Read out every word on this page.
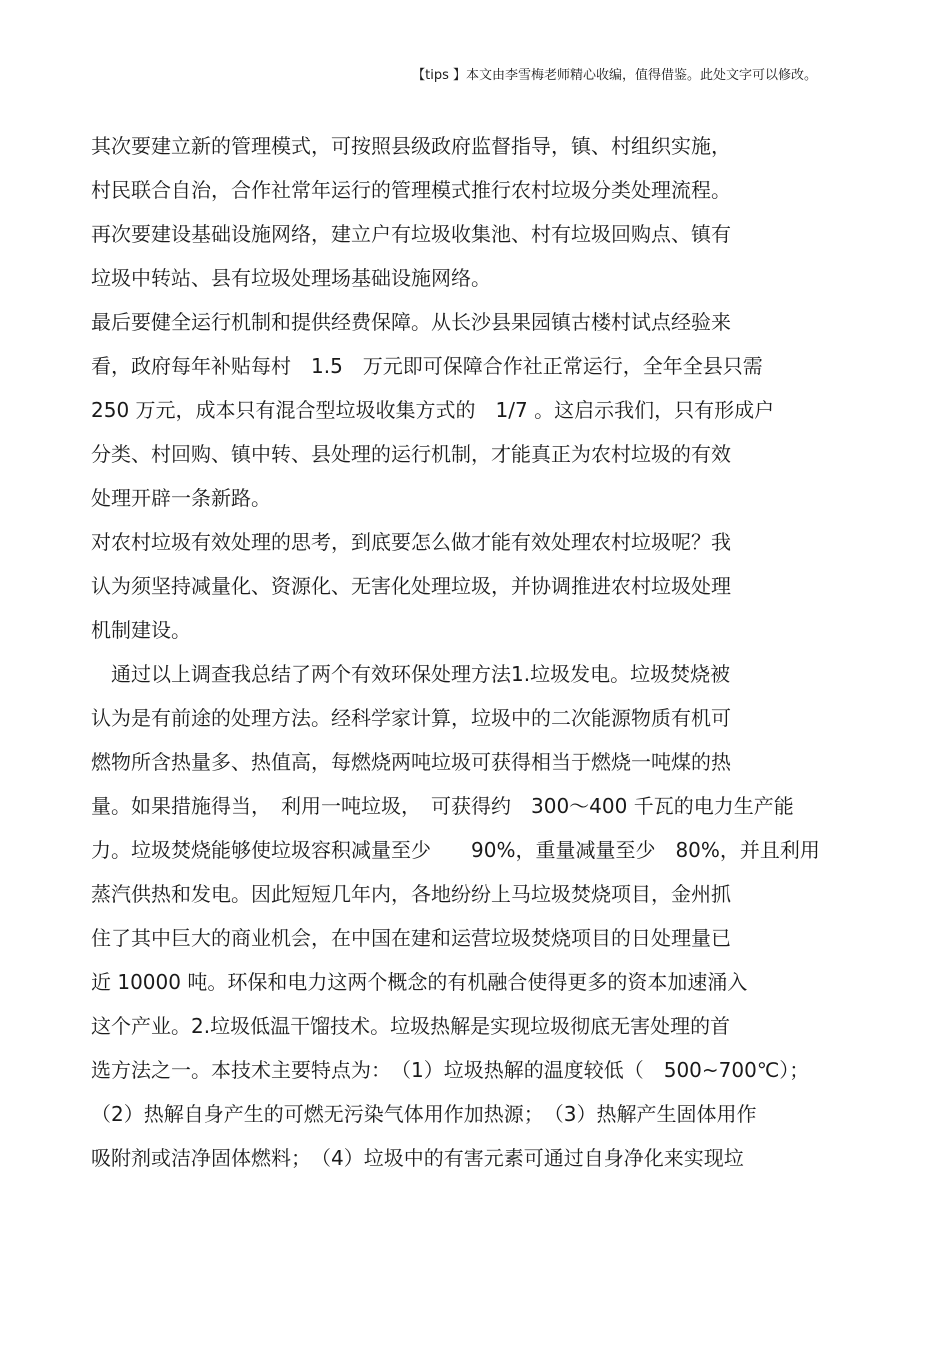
【tips 】本文由李雪梅老师精心收编，值得借鉴。此处文字可以修改。
其次要建立新的管理模式，可按照县级政府监督指导，镇、村组织实施，
村民联合自治，合作社常年运行的管理模式推行农村垃圾分类处理流程。
再次要建设基础设施网络，建立户有垃圾收集池、村有垃圾回购点、镇有
垃圾中转站、县有垃圾处理场基础设施网络。
最后要健全运行机制和提供经费保障。从长沙县果园镇古楼村试点经验来
看，政府每年补贴每村　1.5　万元即可保障合作社正常运行，全年全县只需
250 万元，成本只有混合型垃圾收集方式的　1/7 。这启示我们，只有形成户
分类、村回购、镇中转、县处理的运行机制，才能真正为农村垃圾的有效
处理开辟一条新路。
对农村垃圾有效处理的思考，到底要怎么做才能有效处理农村垃圾呢？我
认为须坚持减量化、资源化、无害化处理垃圾，并协调推进农村垃圾处理
机制建设。
　通过以上调查我总结了两个有效环保处理方法1.垃圾发电。垃圾焚烧被
认为是有前途的处理方法。经科学家计算，垃圾中的二次能源物质有机可
燃物所含热量多、热值高，每燃烧两吨垃圾可获得相当于燃烧一吨煤的热
量。如果措施得当，　利用一吨垃圾，　可获得约　300～400 千瓦的电力生产能
力。垃圾焚烧能够使垃圾容积减量至少　　90%，重量减量至少　80%，并且利用
蒸汽供热和发电。因此短短几年内，各地纷纷上马垃圾焚烧项目，金州抓
住了其中巨大的商业机会，在中国在建和运营垃圾焚烧项目的日处理量已
近 10000 吨。环保和电力这两个概念的有机融合使得更多的资本加速涌入
这个产业。2.垃圾低温干馏技术。垃圾热解是实现垃圾彻底无害处理的首
选方法之一。本技术主要特点为：　（1）垃圾热解的温度较低（　500~700℃）；
（2）热解自身产生的可燃无污染气体用作加热源；　（3）热解产生固体用作
吸附剂或洁净固体燃料；　（4）垃圾中的有害元素可通过自身净化来实现垃
